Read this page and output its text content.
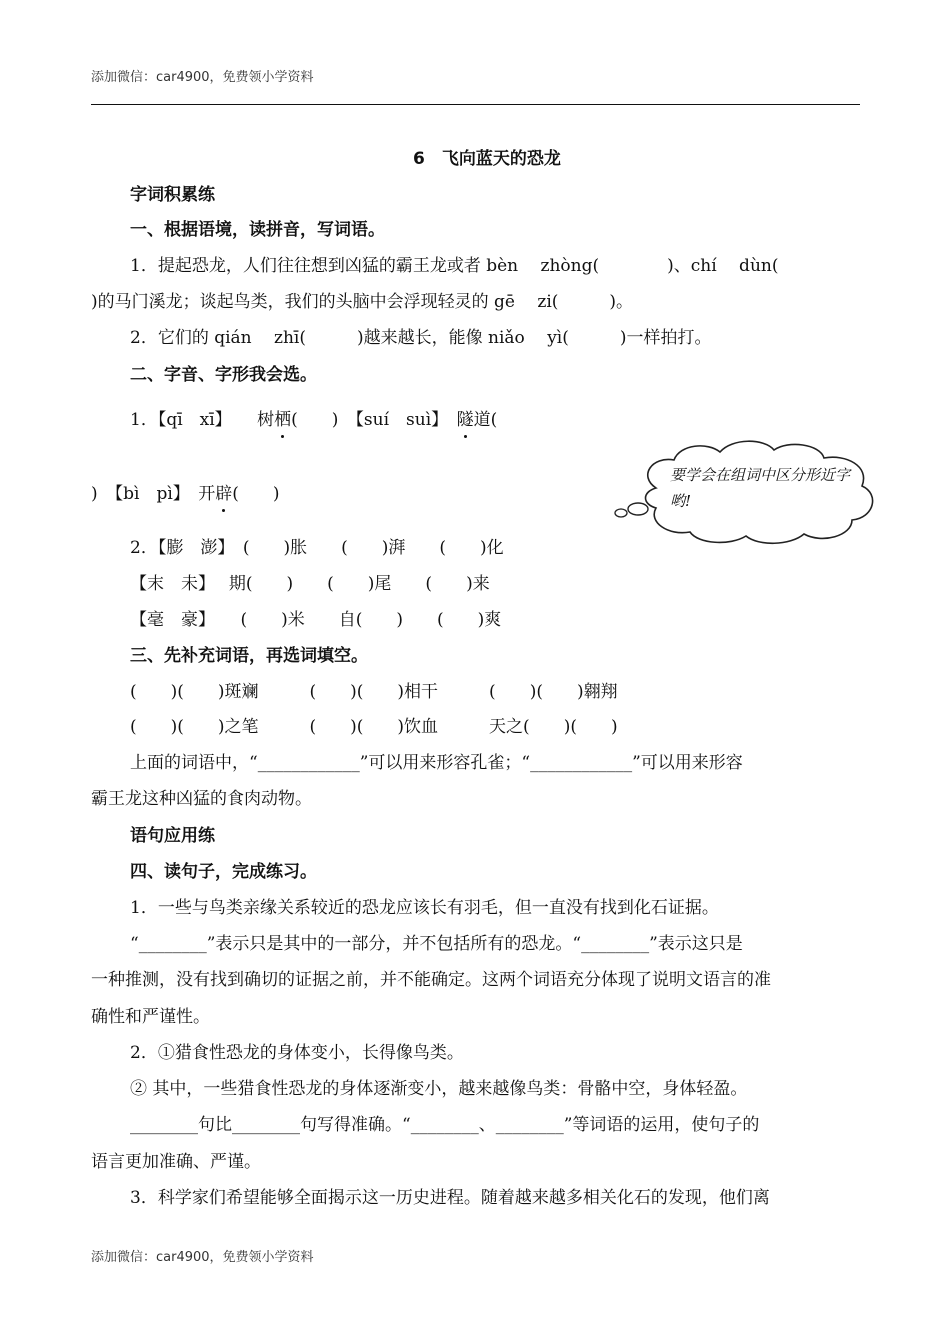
添加微信：car4900，免费领小学资料
6　飞向蓝天的恐龙
字词积累练
一、根据语境，读拼音，写词语。
1．提起恐龙，人们往往想到凶猛的霸王龙或者 bèn　 zhòng(　　　　)、chí　 dùn(
)的马门溪龙；谈起鸟类，我们的头脑中会浮现轻灵的 gē　 zi(　　　)。
2．它们的 qián　 zhī(　　　)越来越长，能像 niǎo　 yì(　　　)一样拍打。
二、字音、字形我会选。
1．【qī　xī】　　树栖(　　)　【suí　suì】　隧道(
)　【bì　pì】　开辟(　　)
要学会在组词中区分形近字哟!
2．【膨　澎】　(　　)胀　　(　　)湃　　(　　)化
【末　未】　 期(　　)　　(　　)尾　　(　　)来
【毫　豪】　　(　　)米　　自(　　)　　(　　)爽
三、先补充词语，再选词填空。
(　　)(　　)斑斓　　　(　　)(　　)相干　　　(　　)(　　)翱翔
(　　)(　　)之笔　　　(　　)(　　)饮血　　　天之(　　)(　　)
上面的词语中，“____________”可以用来形容孔雀；“____________”可以用来形容
霸王龙这种凶猛的食肉动物。
语句应用练
四、读句子，完成练习。
1．一些与鸟类亲缘关系较近的恐龙应该长有羽毛，但一直没有找到化石证据。
“________”表示只是其中的一部分，并不包括所有的恐龙。“________”表示这只是
一种推测，没有找到确切的证据之前，并不能确定。这两个词语充分体现了说明文语言的准
确性和严谨性。
2．①猎食性恐龙的身体变小，长得像鸟类。
② 其中，一些猎食性恐龙的身体逐渐变小，越来越像鸟类：骨骼中空，身体轻盈。
________句比________句写得准确。“________、________”等词语的运用，使句子的
语言更加准确、严谨。
3．科学家们希望能够全面揭示这一历史进程。随着越来越多相关化石的发现，他们离
添加微信：car4900，免费领小学资料
